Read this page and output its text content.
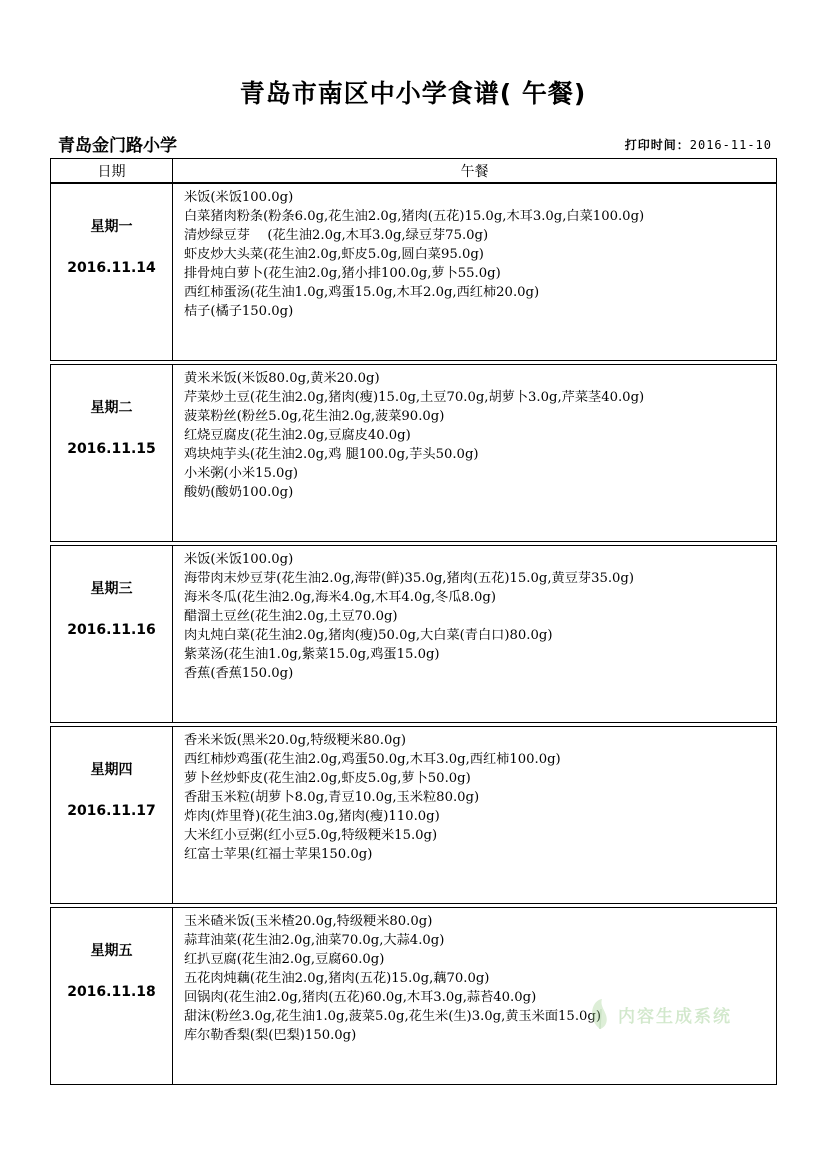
青岛市南区中小学食谱( 午餐)
青岛金门路小学	打印时间：2016-11-10
日期	午餐
星期一
2016.11.14
米饭(米饭100.0g)
白菜猪肉粉条(粉条6.0g,花生油2.0g,猪肉(五花)15.0g,木耳3.0g,白菜100.0g)
清炒绿豆芽　 (花生油2.0g,木耳3.0g,绿豆芽75.0g)
虾皮炒大头菜(花生油2.0g,虾皮5.0g,圆白菜95.0g)
排骨炖白萝卜(花生油2.0g,猪小排100.0g,萝卜55.0g)
西红柿蛋汤(花生油1.0g,鸡蛋15.0g,木耳2.0g,西红柿20.0g)
桔子(橘子150.0g)
星期二
2016.11.15
黄米米饭(米饭80.0g,黄米20.0g)
芹菜炒土豆(花生油2.0g,猪肉(瘦)15.0g,土豆70.0g,胡萝卜3.0g,芹菜茎40.0g)
菠菜粉丝(粉丝5.0g,花生油2.0g,菠菜90.0g)
红烧豆腐皮(花生油2.0g,豆腐皮40.0g)
鸡块炖芋头(花生油2.0g,鸡 腿100.0g,芋头50.0g)
小米粥(小米15.0g)
酸奶(酸奶100.0g)
星期三
2016.11.16
米饭(米饭100.0g)
海带肉末炒豆芽(花生油2.0g,海带(鲜)35.0g,猪肉(五花)15.0g,黄豆芽35.0g)
海米冬瓜(花生油2.0g,海米4.0g,木耳4.0g,冬瓜8.0g)
醋溜土豆丝(花生油2.0g,土豆70.0g)
肉丸炖白菜(花生油2.0g,猪肉(瘦)50.0g,大白菜(青白口)80.0g)
紫菜汤(花生油1.0g,紫菜15.0g,鸡蛋15.0g)
香蕉(香蕉150.0g)
星期四
2016.11.17
香米米饭(黑米20.0g,特级粳米80.0g)
西红柿炒鸡蛋(花生油2.0g,鸡蛋50.0g,木耳3.0g,西红柿100.0g)
萝卜丝炒虾皮(花生油2.0g,虾皮5.0g,萝卜50.0g)
香甜玉米粒(胡萝卜8.0g,青豆10.0g,玉米粒80.0g)
炸肉(炸里脊)(花生油3.0g,猪肉(瘦)110.0g)
大米红小豆粥(红小豆5.0g,特级粳米15.0g)
红富士苹果(红福士苹果150.0g)
星期五
2016.11.18
玉米碴米饭(玉米楂20.0g,特级粳米80.0g)
蒜茸油菜(花生油2.0g,油菜70.0g,大蒜4.0g)
红扒豆腐(花生油2.0g,豆腐60.0g)
五花肉炖藕(花生油2.0g,猪肉(五花)15.0g,藕70.0g)
回锅肉(花生油2.0g,猪肉(五花)60.0g,木耳3.0g,蒜苔40.0g)
甜沫(粉丝3.0g,花生油1.0g,菠菜5.0g,花生米(生)3.0g,黄玉米面15.0g)
库尔勒香梨(梨(巴梨)150.0g)
内容生成系统
